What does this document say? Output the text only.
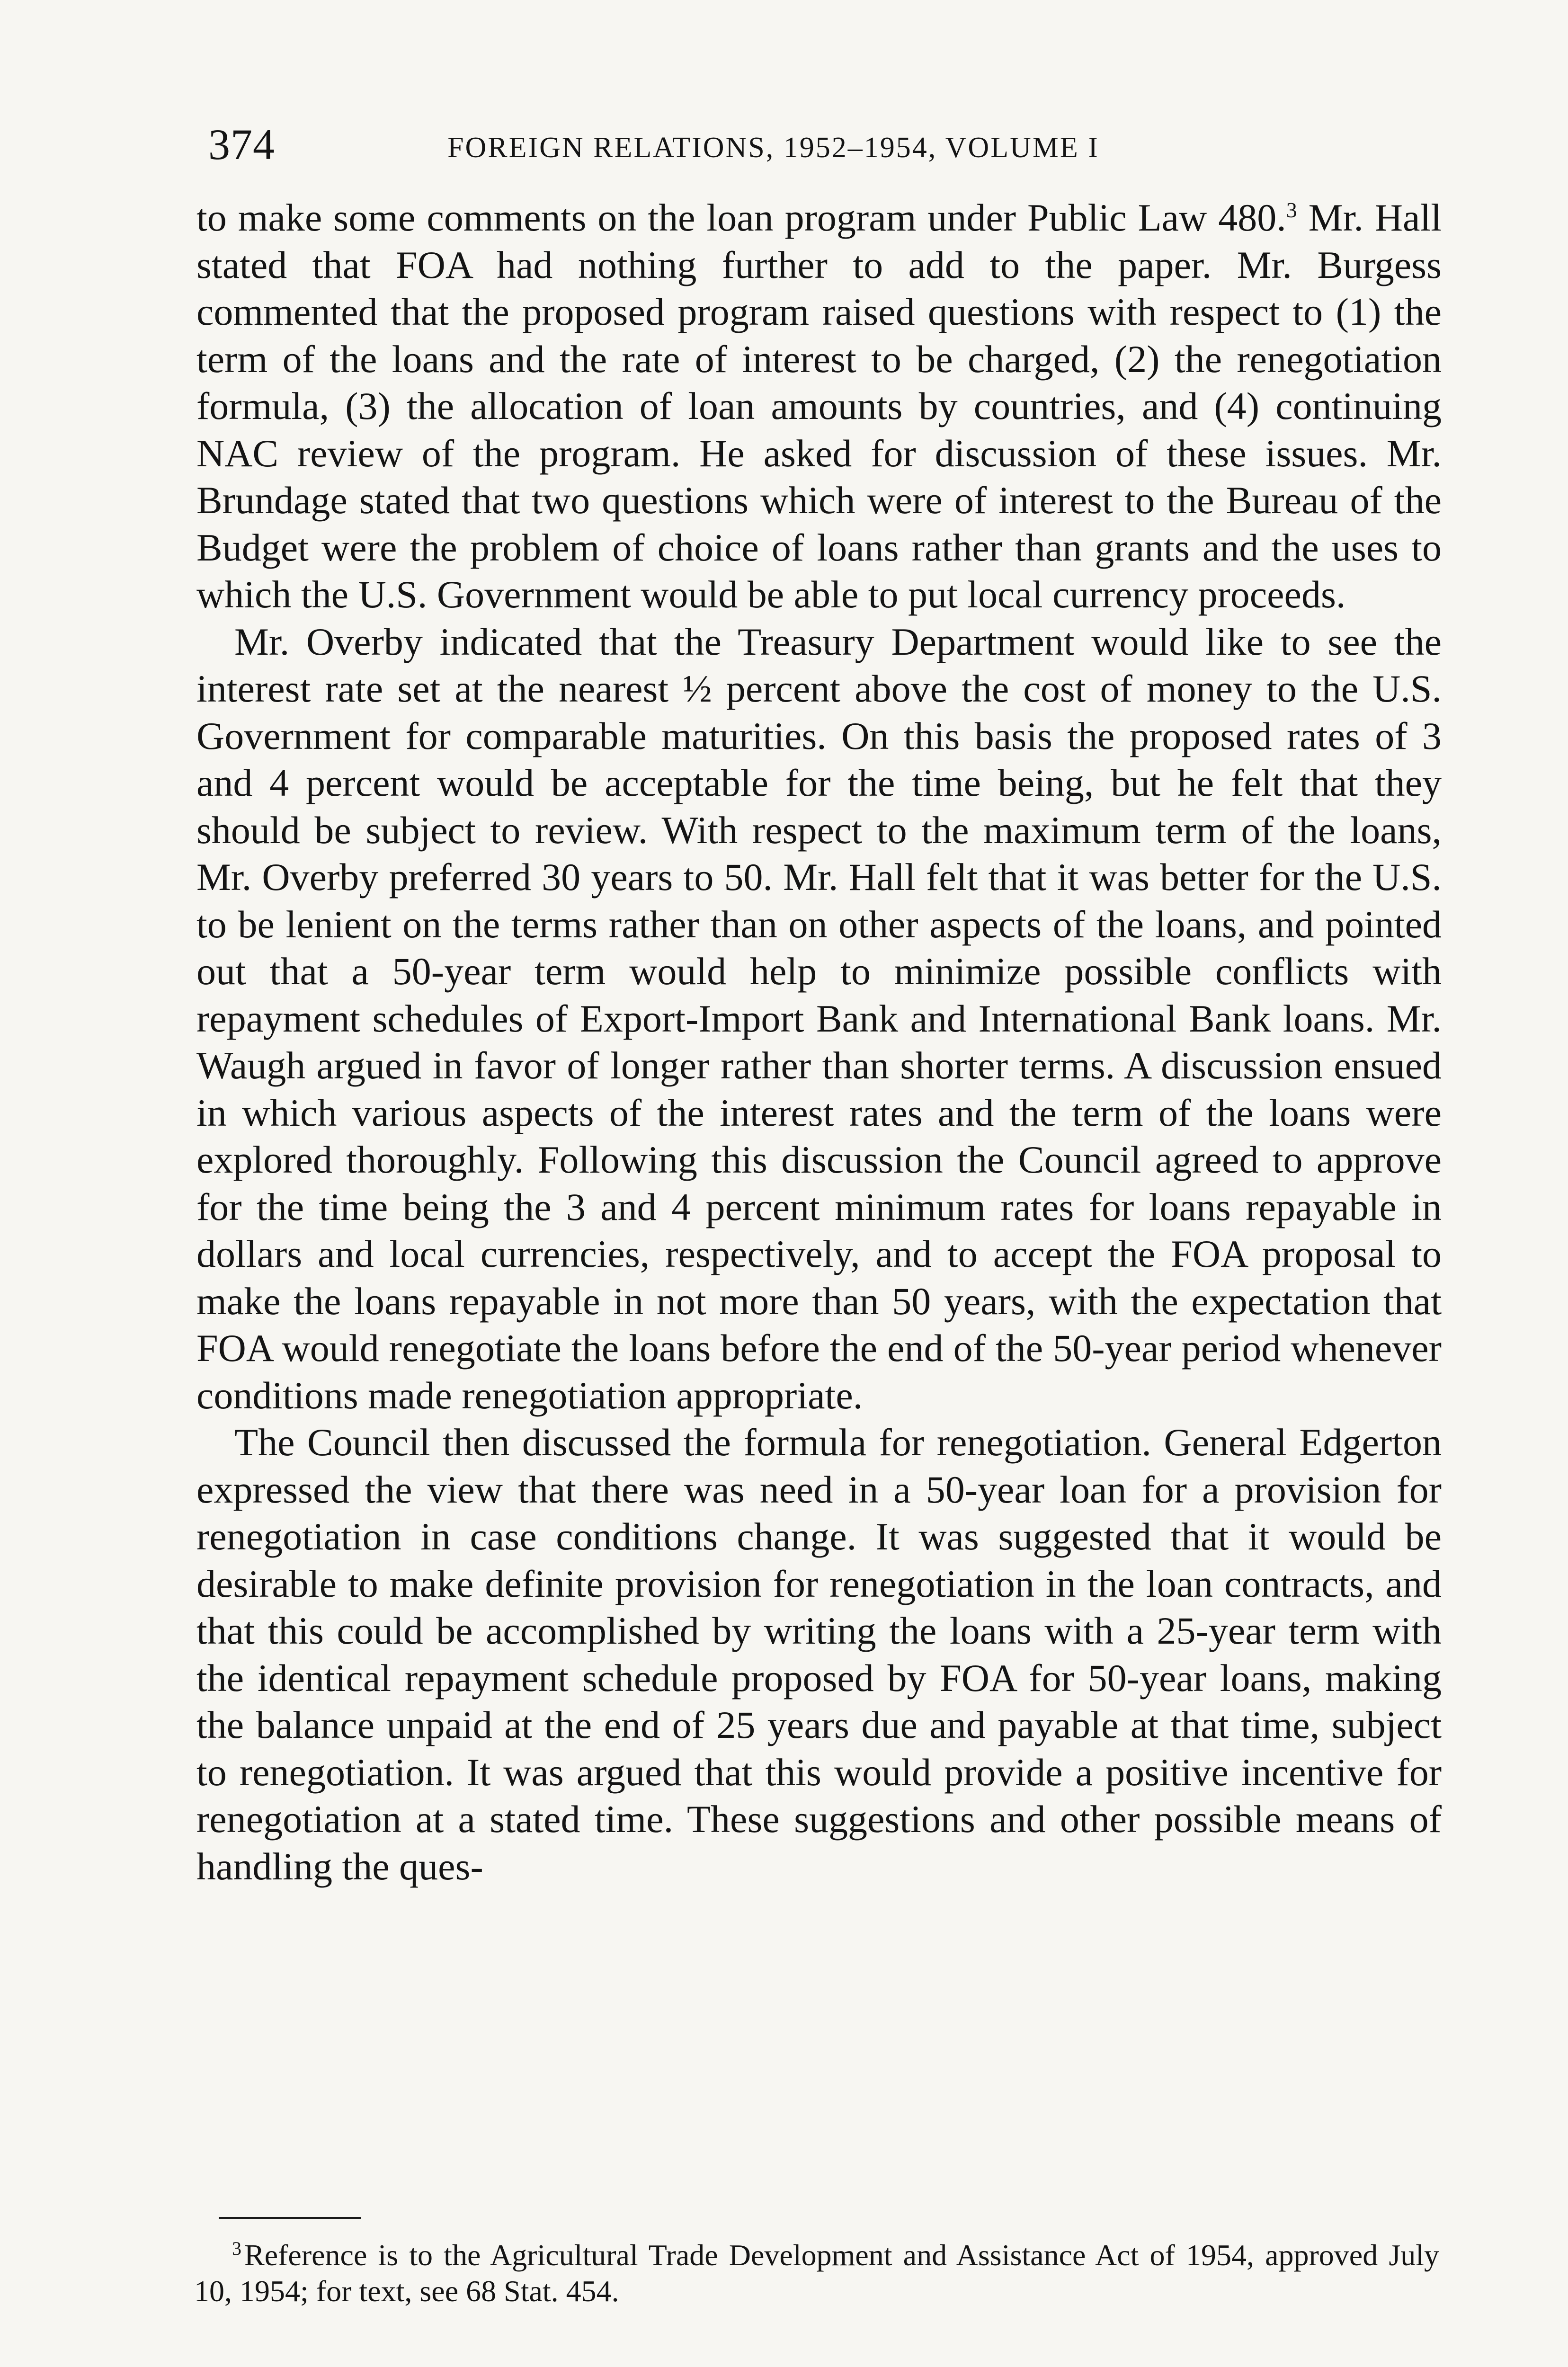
374	FOREIGN RELATIONS, 1952–1954, VOLUME I

to make some comments on the loan program under Public Law 480.$^3$ Mr. Hall stated that FOA had nothing further to add to the paper. Mr. Burgess commented that the proposed program raised questions with respect to (1) the term of the loans and the rate of interest to be charged, (2) the renegotiation formula, (3) the allocation of loan amounts by countries, and (4) continuing NAC review of the program. He asked for discussion of these issues. Mr. Brundage stated that two questions which were of interest to the Bureau of the Budget were the problem of choice of loans rather than grants and the uses to which the U.S. Government would be able to put local currency proceeds.

Mr. Overby indicated that the Treasury Department would like to see the interest rate set at the nearest ½ percent above the cost of money to the U.S. Government for comparable maturities. On this basis the proposed rates of 3 and 4 percent would be acceptable for the time being, but he felt that they should be subject to review. With respect to the maximum term of the loans, Mr. Overby preferred 30 years to 50. Mr. Hall felt that it was better for the U.S. to be lenient on the terms rather than on other aspects of the loans, and pointed out that a 50-year term would help to minimize possible conflicts with repayment schedules of Export-Import Bank and International Bank loans. Mr. Waugh argued in favor of longer rather than shorter terms. A discussion ensued in which various aspects of the interest rates and the term of the loans were explored thoroughly. Following this discussion the Council agreed to approve for the time being the 3 and 4 percent minimum rates for loans repayable in dollars and local currencies, respectively, and to accept the FOA proposal to make the loans repayable in not more than 50 years, with the expectation that FOA would renegotiate the loans before the end of the 50-year period whenever conditions made renegotiation appropriate.

The Council then discussed the formula for renegotiation. General Edgerton expressed the view that there was need in a 50-year loan for a provision for renegotiation in case conditions change. It was suggested that it would be desirable to make definite provision for renegotiation in the loan contracts, and that this could be accomplished by writing the loans with a 25-year term with the identical repayment schedule proposed by FOA for 50-year loans, making the balance unpaid at the end of 25 years due and payable at that time, subject to renegotiation. It was argued that this would provide a positive incentive for renegotiation at a stated time. These suggestions and other possible means of handling the ques-

$^3$Reference is to the Agricultural Trade Development and Assistance Act of 1954, approved July 10, 1954; for text, see 68 Stat. 454.
